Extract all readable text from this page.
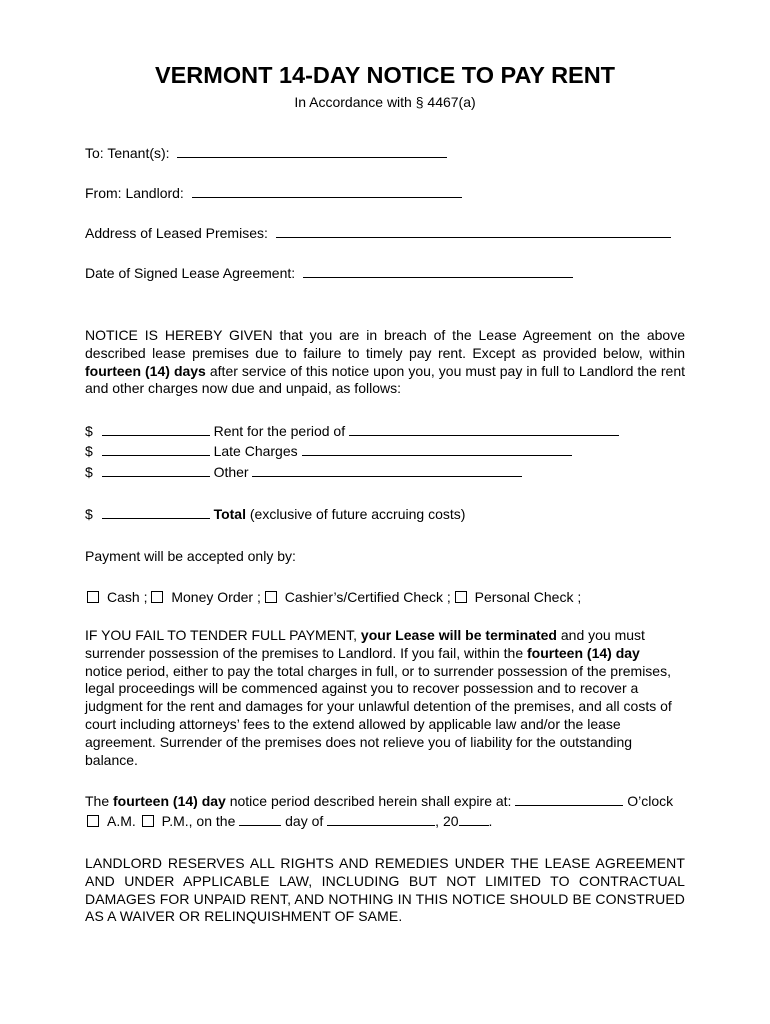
VERMONT 14-DAY NOTICE TO PAY RENT
In Accordance with § 4467(a)
To: Tenant(s):
From: Landlord:
Address of Leased Premises:
Date of Signed Lease Agreement:
NOTICE IS HEREBY GIVEN that you are in breach of the Lease Agreement on the above described lease premises due to failure to timely pay rent. Except as provided below, within fourteen (14) days after service of this notice upon you, you must pay in full to Landlord the rent and other charges now due and unpaid, as follows:
$	Rent for the period of
$	Late Charges
$	Other
$	Total (exclusive of future accruing costs)
Payment will be accepted only by:
Cash ; Money Order ; Cashier’s/Certified Check ; Personal Check ;
IF YOU FAIL TO TENDER FULL PAYMENT, your Lease will be terminated and you must surrender possession of the premises to Landlord. If you fail, within the fourteen (14) day notice period, either to pay the total charges in full, or to surrender possession of the premises, legal proceedings will be commenced against you to recover possession and to recover a judgment for the rent and damages for your unlawful detention of the premises, and all costs of court including attorneys’ fees to the extend allowed by applicable law and/or the lease agreement. Surrender of the premises does not relieve you of liability for the outstanding balance.
The fourteen (14) day notice period described herein shall expire at:	O’clock
A.M. P.M., on the	day of	, 20 .
LANDLORD RESERVES ALL RIGHTS AND REMEDIES UNDER THE LEASE AGREEMENT AND UNDER APPLICABLE LAW, INCLUDING BUT NOT LIMITED TO CONTRACTUAL DAMAGES FOR UNPAID RENT, AND NOTHING IN THIS NOTICE SHOULD BE CONSTRUED AS A WAIVER OR RELINQUISHMENT OF SAME.
